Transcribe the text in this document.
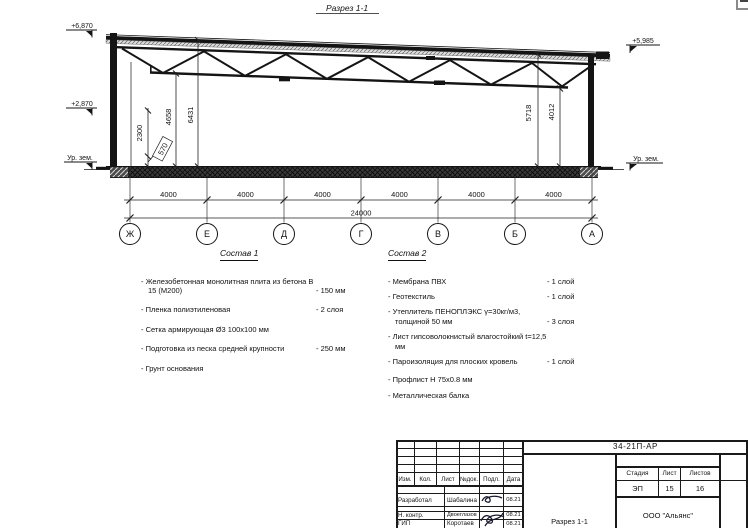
Разрез 1-1
+6,870
+2,870
Ур. зем.
+5,985
Ур. зем.
2300
570
4658 6431	5718 4012
4000	4000	4000	4000	4000	4000
24000
Ж	Е	Д	Г	В	Б	А
Состав 1
- Железобетонная монолитная плита из бетона В 15 (М200)	- 150 мм
- Пленка полиэтиленовая	- 2 слоя
- Сетка армирующая Ø3 100х100 мм
- Подготовка из песка средней крупности	- 250 мм
- Грунт основания
Состав 2
- Мембрана ПВХ	- 1 слой
- Геотекстиль	- 1 слой
- Утеплитель ПЕНОПЛЭКС γ=30кг/м3, толщиной 50 мм	- 3 слоя
- Лист гипсоволокнистый влагостойкий t=12,5 мм
- Пароизоляция для плоских кровель	- 1 слой
- Профлист Н 75х0.8 мм
- Металлическая балка
34-21П-АР
Изм.	Кол.	Лист №док. Подл.	Дата
Разработал	Шабалина	08.21
Н. контр.	Двоеглазов	08.21
ГИП	Коротаев	08.21	Разрез 1-1
Стадия	Лист	Листов
ЭП	15	16
ООО "Альянс"
